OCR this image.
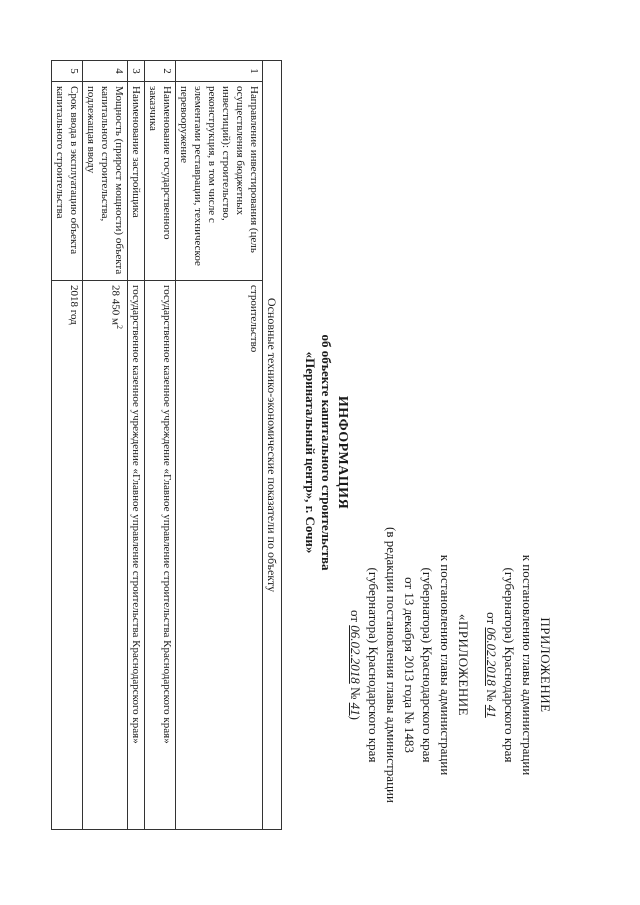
ПРИЛОЖЕНИЕ
к постановлению главы администрации
(губернатора) Краснодарского края
от 06.02.2018 № 41
«ПРИЛОЖЕНИЕ
к постановлению главы администрации
(губернатора) Краснодарского края
от 13 декабря 2013 года № 1483
(в редакции постановления главы администрации
(губернатора) Краснодарского края
от 06.02.2018 № 41)
ИНФОРМАЦИЯ
об объекте капитального строительства
«Перинатальный центр», г. Сочи»
Основные технико-экономические показатели по объекту		
1	Направление инвестирования (цель осуществления бюджетных инвестиций): строительство, реконструкция, в том числе с элементами реставрации, техническое перевооружение	строительство
2	Наименование государственного заказчика	государственное казенное учреждение «Главное управление строительства Краснодарского края»
3	Наименование застройщика	государственное казенное учреждение «Главное управление строительства Краснодарского края»
4	Мощность (прирост мощности) объекта капитального строительства, подлежащая вводу	28 450 $м^2$
5	Срок ввода в эксплуатацию объекта капитального строительства	2018 год
